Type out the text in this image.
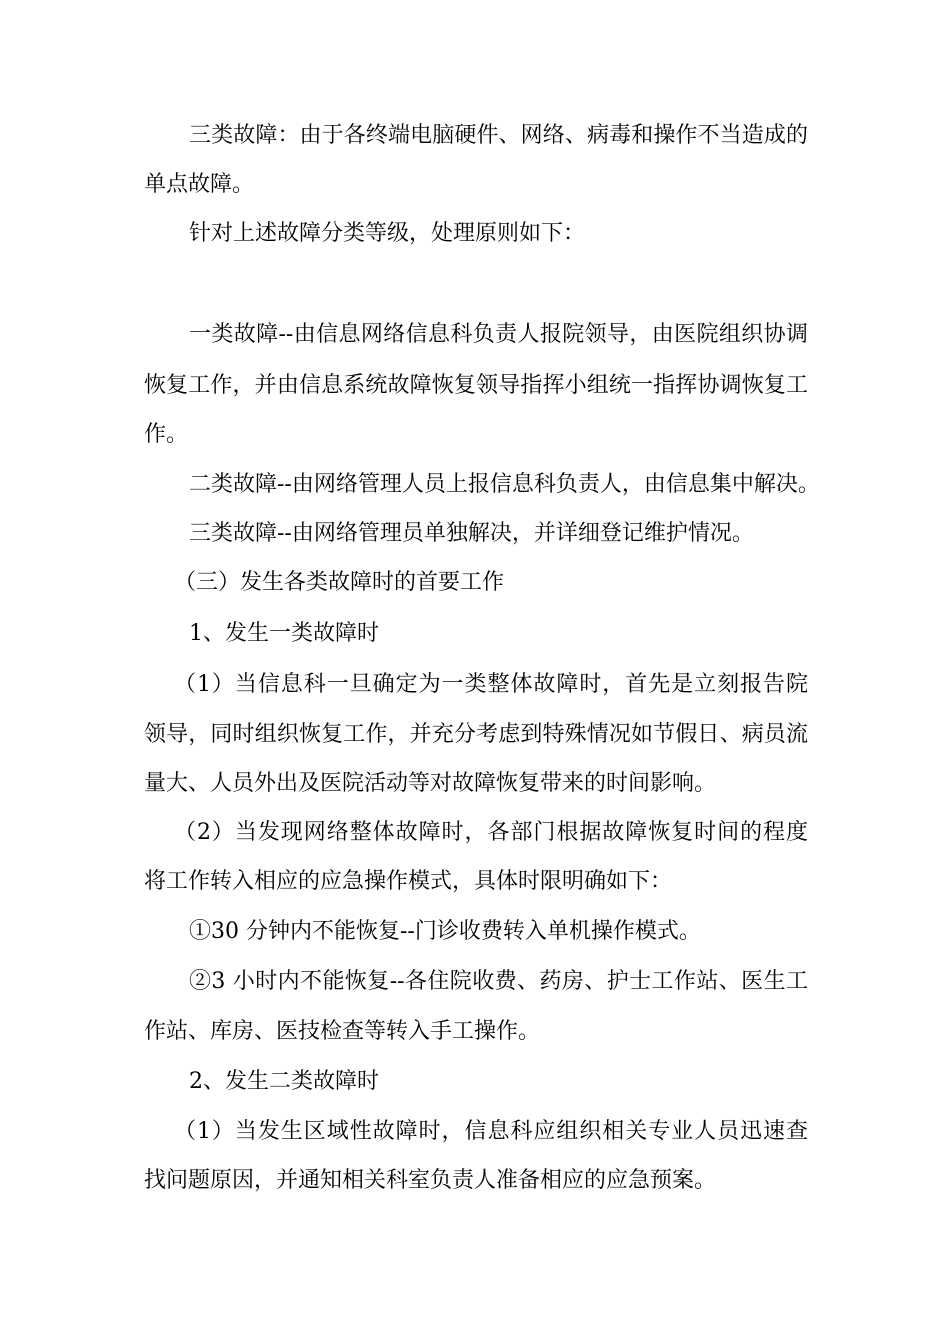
三类故障：由于各终端电脑硬件、网络、病毒和操作不当造成的
单点故障。
针对上述故障分类等级，处理原则如下：
一类故障--由信息网络信息科负责人报院领导，由医院组织协调
恢复工作，并由信息系统故障恢复领导指挥小组统一指挥协调恢复工
作。
二类故障--由网络管理人员上报信息科负责人，由信息集中解决。
三类故障--由网络管理员单独解决，并详细登记维护情况。
（三）发生各类故障时的首要工作
1、发生一类故障时
（1）当信息科一旦确定为一类整体故障时，首先是立刻报告院
领导，同时组织恢复工作，并充分考虑到特殊情况如节假日、病员流
量大、人员外出及医院活动等对故障恢复带来的时间影响。
（2）当发现网络整体故障时，各部门根据故障恢复时间的程度
将工作转入相应的应急操作模式，具体时限明确如下：
①30 分钟内不能恢复--门诊收费转入单机操作模式。
②3 小时内不能恢复--各住院收费、药房、护士工作站、医生工
作站、库房、医技检查等转入手工操作。
2、发生二类故障时
（1）当发生区域性故障时，信息科应组织相关专业人员迅速查
找问题原因，并通知相关科室负责人准备相应的应急预案。
